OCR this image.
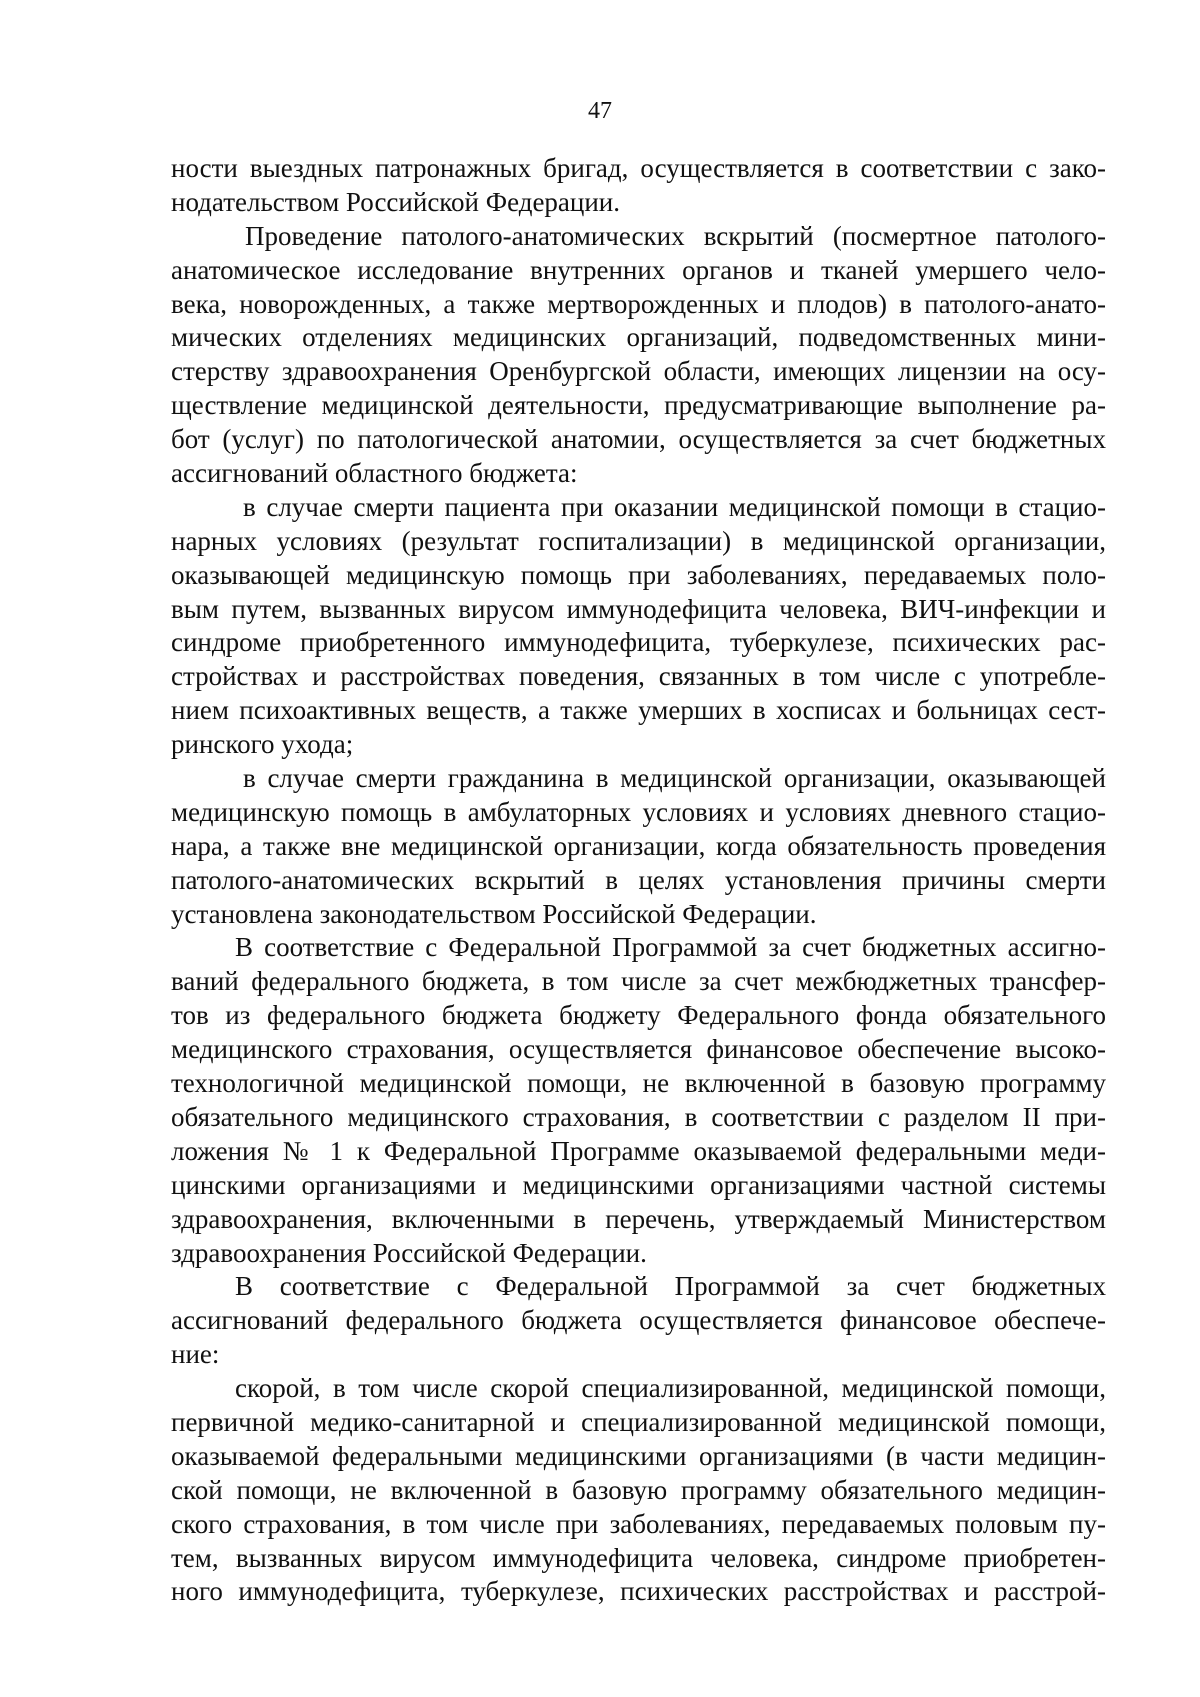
47
ности выездных патронажных бригад, осуществляется в соответствии с зако-
нодательством Российской Федерации.
Проведение патолого-анатомических вскрытий (посмертное патолого-
анатомическое исследование внутренних органов и тканей умершего чело-
века, новорожденных, а также мертворожденных и плодов) в патолого-анато-
мических отделениях медицинских организаций, подведомственных мини-
стерству здравоохранения Оренбургской области, имеющих лицензии на осу-
ществление медицинской деятельности, предусматривающие выполнение ра-
бот (услуг) по патологической анатомии, осуществляется за счет бюджетных
ассигнований областного бюджета:
в случае смерти пациента при оказании медицинской помощи в стацио-
нарных условиях (результат госпитализации) в медицинской организации,
оказывающей медицинскую помощь при заболеваниях, передаваемых поло-
вым путем, вызванных вирусом иммунодефицита человека, ВИЧ-инфекции и
синдроме приобретенного иммунодефицита, туберкулезе, психических рас-
стройствах и расстройствах поведения, связанных в том числе с употребле-
нием психоактивных веществ, а также умерших в хосписах и больницах сест-
ринского ухода;
в случае смерти гражданина в медицинской организации, оказывающей
медицинскую помощь в амбулаторных условиях и условиях дневного стацио-
нара, а также вне медицинской организации, когда обязательность проведения
патолого-анатомических вскрытий в целях установления причины смерти
установлена законодательством Российской Федерации.
В соответствие с Федеральной Программой за счет бюджетных ассигно-
ваний федерального бюджета, в том числе за счет межбюджетных трансфер-
тов из федерального бюджета бюджету Федерального фонда обязательного
медицинского страхования, осуществляется финансовое обеспечение высоко-
технологичной медицинской помощи, не включенной в базовую программу
обязательного медицинского страхования, в соответствии с разделом II при-
ложения № 1 к Федеральной Программе оказываемой федеральными меди-
цинскими организациями и медицинскими организациями частной системы
здравоохранения, включенными в перечень, утверждаемый Министерством
здравоохранения Российской Федерации.
В соответствие с Федеральной Программой за счет бюджетных
ассигнований федерального бюджета осуществляется финансовое обеспече-
ние:
скорой, в том числе скорой специализированной, медицинской помощи,
первичной медико-санитарной и специализированной медицинской помощи,
оказываемой федеральными медицинскими организациями (в части медицин-
ской помощи, не включенной в базовую программу обязательного медицин-
ского страхования, в том числе при заболеваниях, передаваемых половым пу-
тем, вызванных вирусом иммунодефицита человека, синдроме приобретен-
ного иммунодефицита, туберкулезе, психических расстройствах и расстрой-
